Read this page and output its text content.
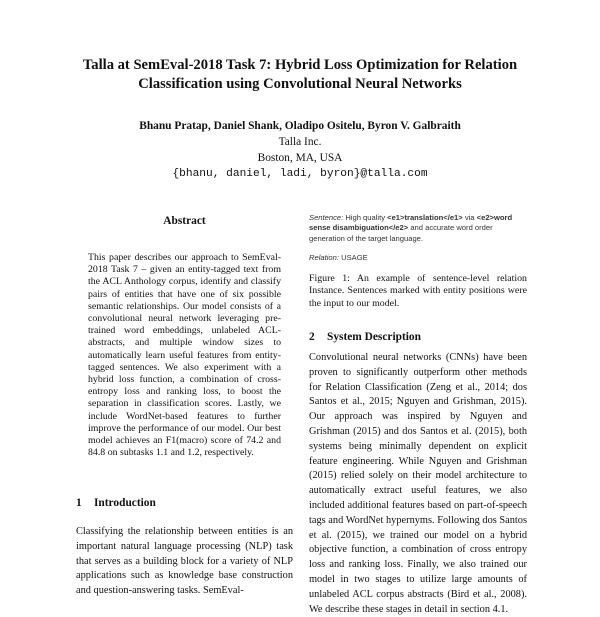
Talla at SemEval-2018 Task 7: Hybrid Loss Optimization for Relation
Classification using Convolutional Neural Networks
Bhanu Pratap, Daniel Shank, Oladipo Ositelu, Byron V. Galbraith
Talla Inc.
Boston, MA, USA
{bhanu, daniel, ladi, byron}@talla.com
Abstract
This paper describes our approach to SemEval-2018 Task 7 – given an entity-tagged text from the ACL Anthology corpus, identify and classify pairs of entities that have one of six possible semantic relationships. Our model consists of a convolutional neural network leveraging pre-trained word embeddings, unlabeled ACL-abstracts, and multiple window sizes to automatically learn useful features from entity-tagged sentences. We also experiment with a hybrid loss function, a combination of cross-entropy loss and ranking loss, to boost the separation in classification scores. Lastly, we include WordNet-based features to further improve the performance of our model. Our best model achieves an F1(macro) score of 74.2 and 84.8 on subtasks 1.1 and 1.2, respectively.
1 Introduction
Classifying the relationship between entities is an important natural language processing (NLP) task that serves as a building block for a variety of NLP applications such as knowledge base construction and question-answering tasks. SemEval-
Sentence: High quality <e1>translation</e1> via <e2>word sense disambiguation</e2> and accurate word order generation of the target language.
Relation: USAGE
Figure 1: An example of sentence-level relation Instance. Sentences marked with entity positions were the input to our model.
2 System Description
Convolutional neural networks (CNNs) have been proven to significantly outperform other methods for Relation Classification (Zeng et al., 2014; dos Santos et al., 2015; Nguyen and Grishman, 2015). Our approach was inspired by Nguyen and Grishman (2015) and dos Santos et al. (2015), both systems being minimally dependent on explicit feature engineering. While Nguyen and Grishman (2015) relied solely on their model architecture to automatically extract useful features, we also included additional features based on part-of-speech tags and WordNet hypernyms. Following dos Santos et al. (2015), we trained our model on a hybrid objective function, a combination of cross entropy loss and ranking loss. Finally, we also trained our model in two stages to utilize large amounts of unlabeled ACL corpus abstracts (Bird et al., 2008). We describe these stages in detail in section 4.1.
